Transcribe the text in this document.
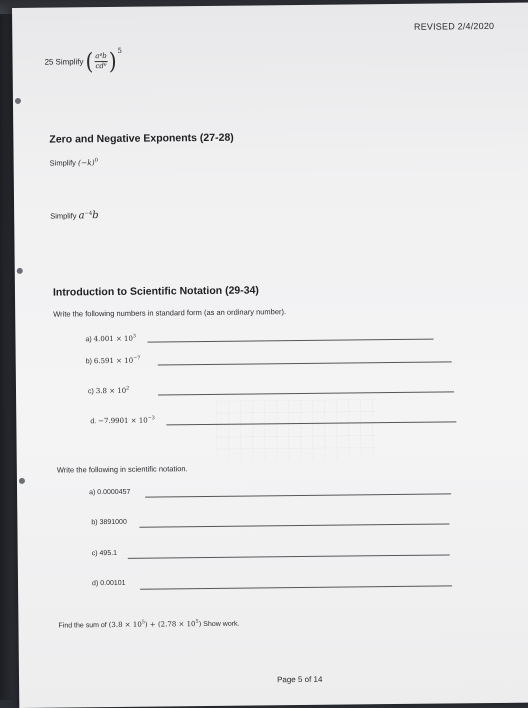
REVISED 2/4/2020
25 Simplify ( $\frac{\text{a⁴b}}{\text{cd⁶}}$ ) 5
Zero and Negative Exponents (27-28)
Simplify $(-k)^0$
Simplify $a^{-4}b$
Introduction to Scientific Notation (29-34)
Write the following numbers in standard form (as an ordinary number).
a) $4.001 \times 10^3$
b) $6.591 \times 10^{-7}$
c) $3.8 \times 10^2$
d. $-7.9901 \times 10^{-3}$
Write the following in scientific notation.
a) 0.0000457
b) 3891000
c) 495.1
d) 0.00101
Find the sum of $(3.8 \times 10^5) + (2.78 \times 10^5)$ Show work.
Page 5 of 14
